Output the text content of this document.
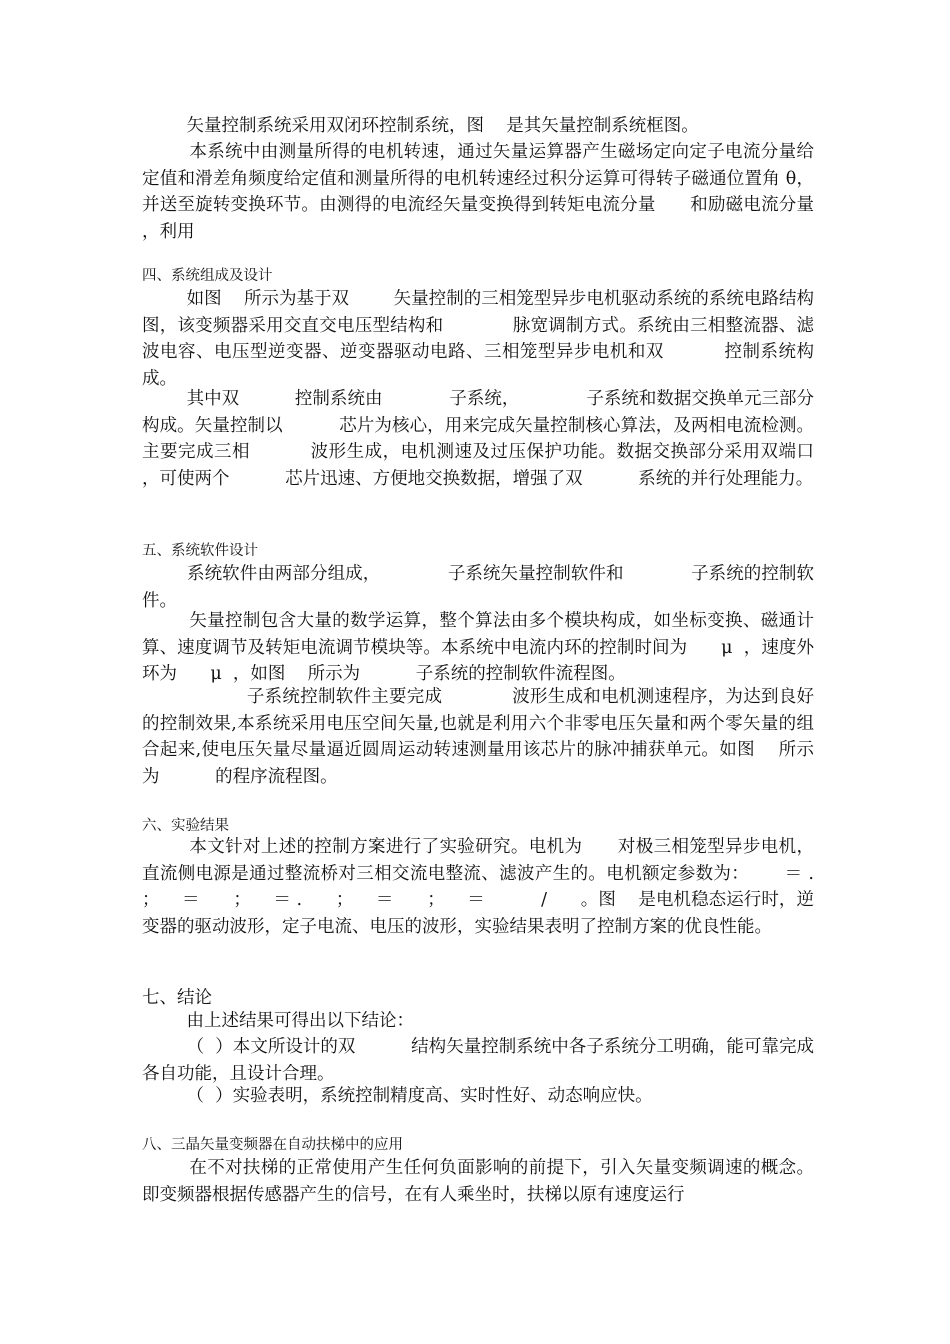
矢量控制系统采用双闭环控制系统，图    是其矢量控制系统框图。

本系统中由测量所得的电机转速，通过矢量运算器产生磁场定向定子电流分量给定值和滑差角频度给定值和测量所得的电机转速经过积分运算可得转子磁通位置角 θ，并送至旋转变换环节。由测得的电流经矢量变换得到转矩电流分量      和励磁电流分量      ，利用

四、系统组成及设计

如图    所示为基于双        矢量控制的三相笼型异步电机驱动系统的系统电路结构图，该变频器采用交直交电压型结构和            脉宽调制方式。系统由三相整流器、滤波电容、电压型逆变器、逆变器驱动电路、三相笼型异步电机和双          控制系统构成。

其中双          控制系统由            子系统，            子系统和数据交换单元三部分构成。矢量控制以          芯片为核心，用来完成矢量控制核心算法，及两相电流检测。          主要完成三相          波形生成，电机测速及过压保护功能。数据交换部分采用双端口        ，可使两个          芯片迅速、方便地交换数据，增强了双          系统的并行处理能力。

五、系统软件设计

系统软件由两部分组成，            子系统矢量控制软件和            子系统的控制软件。

矢量控制包含大量的数学运算，整个算法由多个模块构成，如坐标变换、磁通计算、速度调节及转矩电流调节模块等。本系统中电流内环的控制时间为      μ  ，速度外环为      μ  ，如图    所示为          子系统的控制软件流程图。

子系统控制软件主要完成            波形生成和电机测速程序，为达到良好的控制效果,本系统采用电压空间矢量,也就是利用六个非零电压矢量和两个零矢量的组合起来,使电压矢量尽量逼近圆周运动转速测量用该芯片的脉冲捕获单元。如图    所示为          的程序流程图。

六、实验结果

本文针对上述的控制方案进行了实验研究。电机为      对极三相笼型异步电机，直流侧电源是通过整流桥对三相交流电整流、滤波产生的。电机额定参数为：      ＝ .      ；    ＝      ；    ＝ .      ；    ＝      ；    ＝          /      。图    是电机稳态运行时，逆变器的驱动波形，定子电流、电压的波形，实验结果表明了控制方案的优良性能。

七、结论

由上述结果可得出以下结论：

（  ）本文所设计的双          结构矢量控制系统中各子系统分工明确，能可靠完成各自功能，且设计合理。

（  ）实验表明，系统控制精度高、实时性好、动态响应快。

八、三晶矢量变频器在自动扶梯中的应用

在不对扶梯的正常使用产生任何负面影响的前提下，引入矢量变频调速的概念。即变频器根据传感器产生的信号，在有人乘坐时，扶梯以原有速度运行
